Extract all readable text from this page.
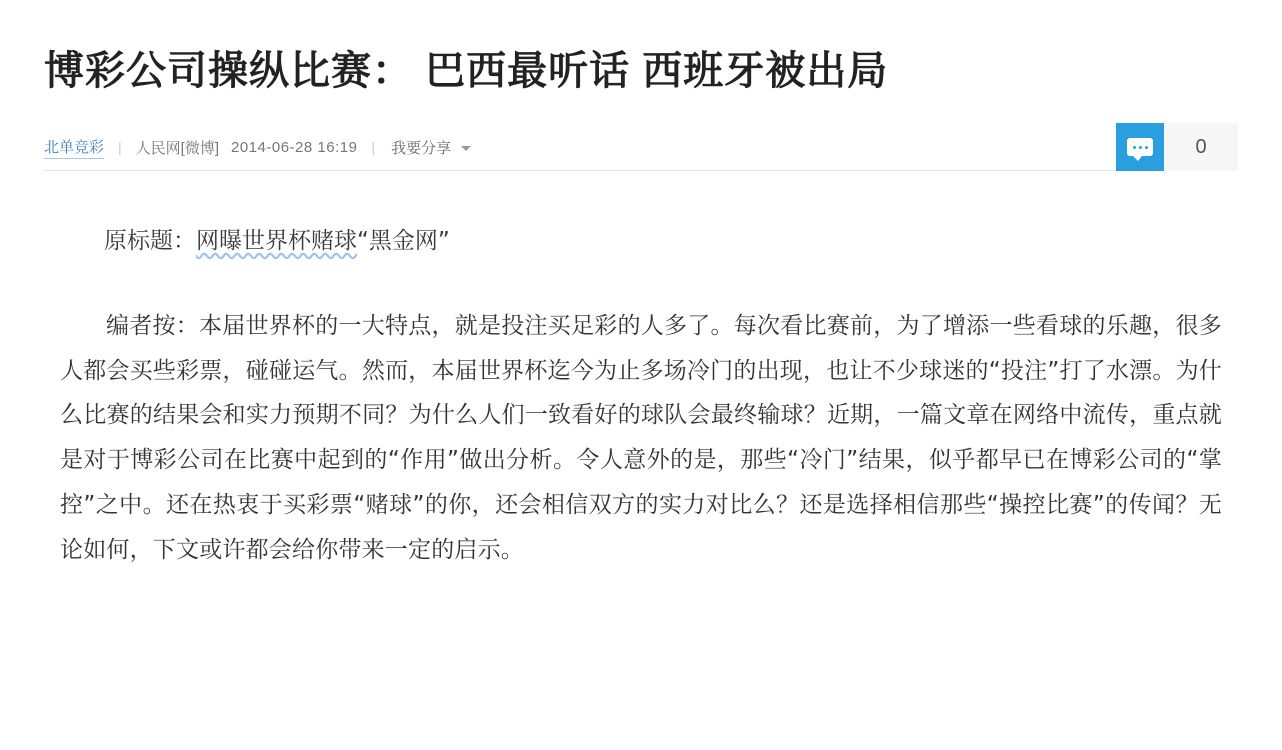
博彩公司操纵比赛： 巴西最听话 西班牙被出局
北单竞彩 | 人民网[微博] 2014-06-28 16:19 | 我要分享	0

原标题：网曝世界杯赌球“黑金网”

编者按：本届世界杯的一大特点，就是投注买足彩的人多了。每次看比赛前，为了增添一些看球的乐趣，很多人都会买些彩票，碰碰运气。然而，本届世界杯迄今为止多场冷门的出现，也让不少球迷的“投注”打了水漂。为什么比赛的结果会和实力预期不同？为什么人们一致看好的球队会最终输球？近期，一篇文章在网络中流传，重点就是对于博彩公司在比赛中起到的“作用”做出分析。令人意外的是，那些“冷门”结果，似乎都早已在博彩公司的“掌控”之中。还在热衷于买彩票“赌球”的你，还会相信双方的实力对比么？还是选择相信那些“操控比赛”的传闻？无论如何，下文或许都会给你带来一定的启示。
